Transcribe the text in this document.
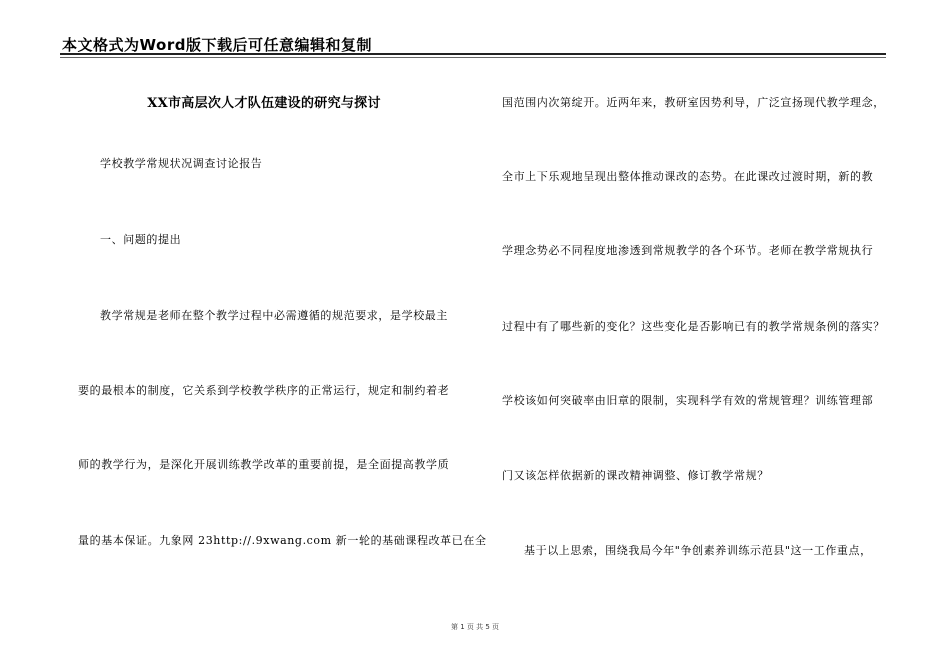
本文格式为Word版下载后可任意编辑和复制
XX市高层次人才队伍建设的研究与探讨
学校教学常规状况调查讨论报告
一、问题的提出
教学常规是老师在整个教学过程中必需遵循的规范要求，是学校最主
要的最根本的制度，它关系到学校教学秩序的正常运行，规定和制约着老
师的教学行为，是深化开展训练教学改革的重要前提，是全面提高教学质
量的基本保证。九象网 23http://.9xwang.com 新一轮的基础课程改革已在全
国范围内次第绽开。近两年来，教研室因势利导，广泛宣扬现代教学理念，
全市上下乐观地呈现出整体推动课改的态势。在此课改过渡时期，新的教
学理念势必不同程度地渗透到常规教学的各个环节。老师在教学常规执行
过程中有了哪些新的变化？这些变化是否影响已有的教学常规条例的落实？
学校该如何突破率由旧章的限制，实现科学有效的常规管理？训练管理部
门又该怎样依据新的课改精神调整、修订教学常规？
基于以上思索，围绕我局今年"争创素养训练示范县"这一工作重点，
第 1 页 共 5 页
